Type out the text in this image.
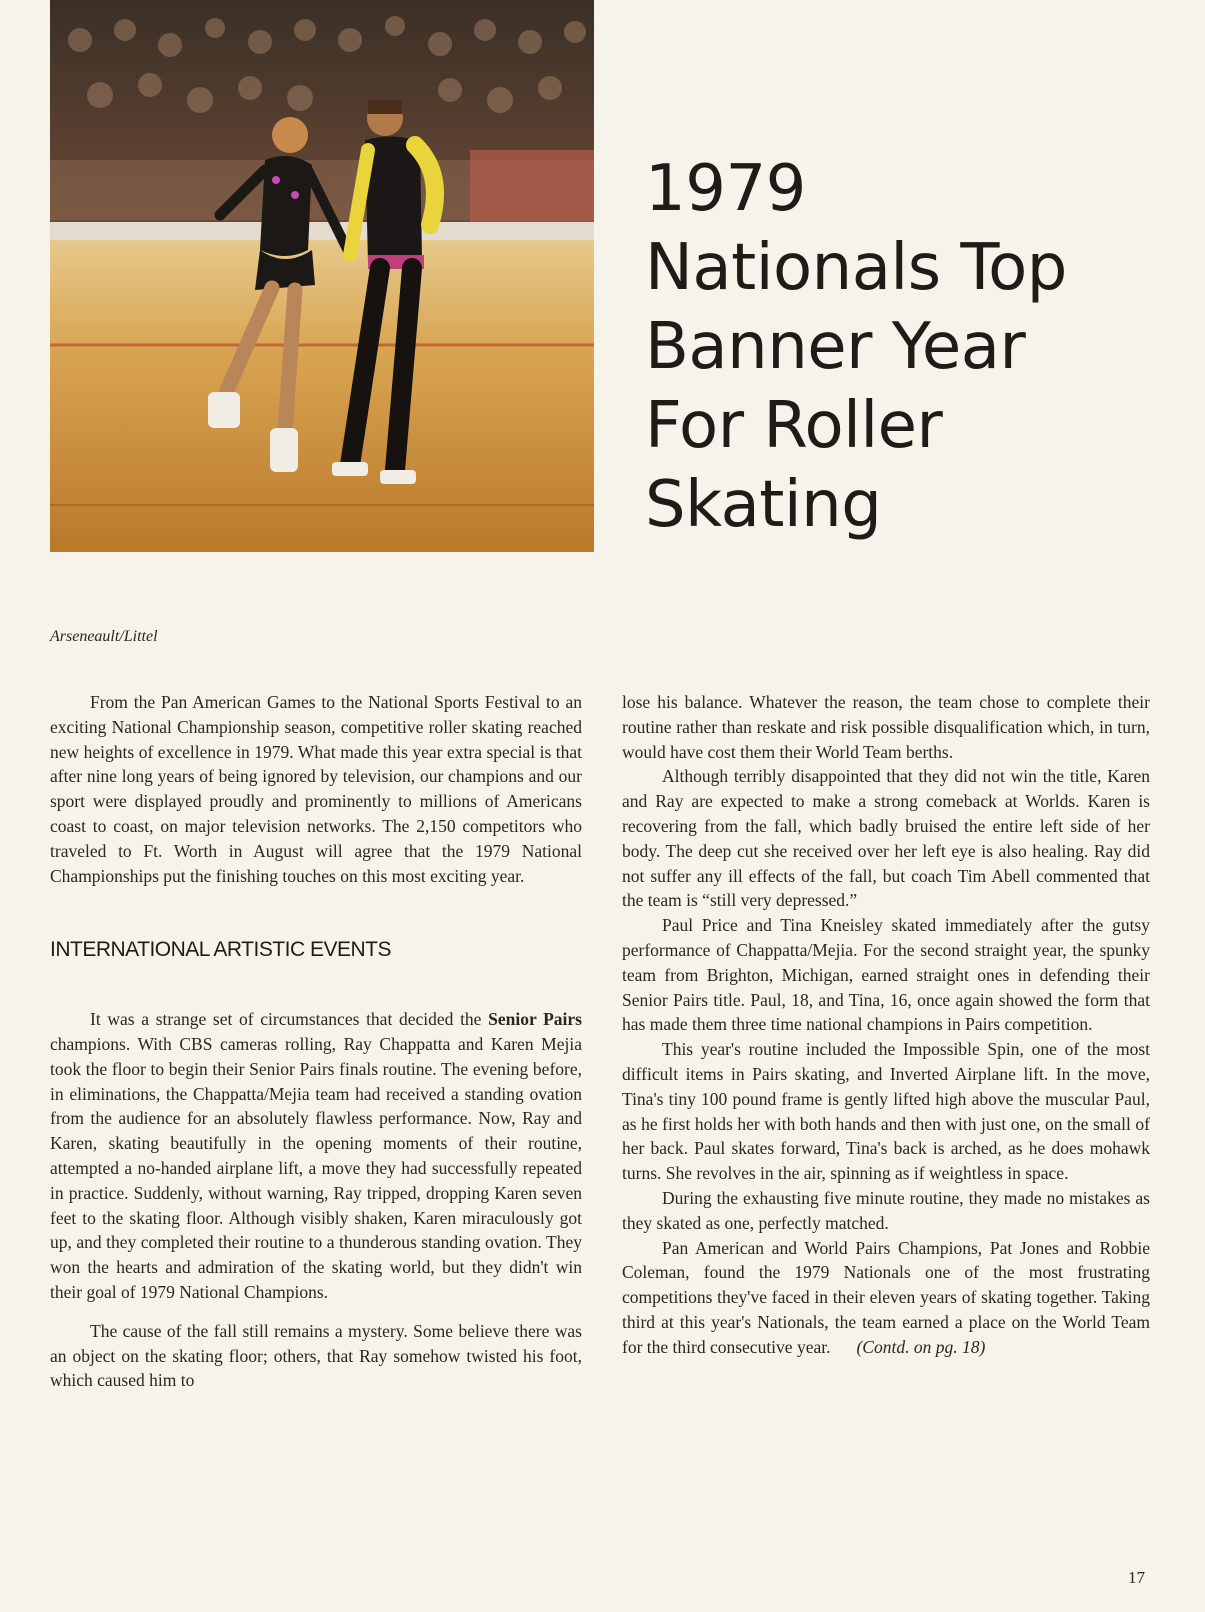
1979
Nationals Top
Banner Year
For Roller
Skating
Arseneault/Littel

From the Pan American Games to the National Sports Festival to an exciting National Championship season, competitive roller skating reached new heights of excellence in 1979. What made this year extra special is that after nine long years of being ignored by television, our champions and our sport were displayed proudly and prominently to millions of Americans coast to coast, on major television networks. The 2,150 competitors who traveled to Ft. Worth in August will agree that the 1979 National Championships put the finishing touches on this most exciting year.

INTERNATIONAL ARTISTIC EVENTS

It was a strange set of circumstances that decided the Senior Pairs champions. With CBS cameras rolling, Ray Chappatta and Karen Mejia took the floor to begin their Senior Pairs finals routine. The evening before, in eliminations, the Chappatta/Mejia team had received a standing ovation from the audience for an absolutely flawless performance. Now, Ray and Karen, skating beautifully in the opening moments of their routine, attempted a no-handed airplane lift, a move they had successfully repeated in practice. Suddenly, without warning, Ray tripped, dropping Karen seven feet to the skating floor. Although visibly shaken, Karen miraculously got up, and they completed their routine to a thunderous standing ovation. They won the hearts and admiration of the skating world, but they didn't win their goal of 1979 National Champions.

The cause of the fall still remains a mystery. Some believe there was an object on the skating floor; others, that Ray somehow twisted his foot, which caused him to

lose his balance. Whatever the reason, the team chose to complete their routine rather than reskate and risk possible disqualification which, in turn, would have cost them their World Team berths.

Although terribly disappointed that they did not win the title, Karen and Ray are expected to make a strong comeback at Worlds. Karen is recovering from the fall, which badly bruised the entire left side of her body. The deep cut she received over her left eye is also healing. Ray did not suffer any ill effects of the fall, but coach Tim Abell commented that the team is “still very depressed.”

Paul Price and Tina Kneisley skated immediately after the gutsy performance of Chappatta/Mejia. For the second straight year, the spunky team from Brighton, Michigan, earned straight ones in defending their Senior Pairs title. Paul, 18, and Tina, 16, once again showed the form that has made them three time national champions in Pairs competition.

This year's routine included the Impossible Spin, one of the most difficult items in Pairs skating, and Inverted Airplane lift. In the move, Tina's tiny 100 pound frame is gently lifted high above the muscular Paul, as he first holds her with both hands and then with just one, on the small of her back. Paul skates forward, Tina's back is arched, as he does mohawk turns. She revolves in the air, spinning as if weightless in space.

During the exhausting five minute routine, they made no mistakes as they skated as one, perfectly matched.

Pan American and World Pairs Champions, Pat Jones and Robbie Coleman, found the 1979 Nationals one of the most frustrating competitions they've faced in their eleven years of skating together. Taking third at this year's Nationals, the team earned a place on the World Team for the third consecutive year. (Contd. on pg. 18)

17
